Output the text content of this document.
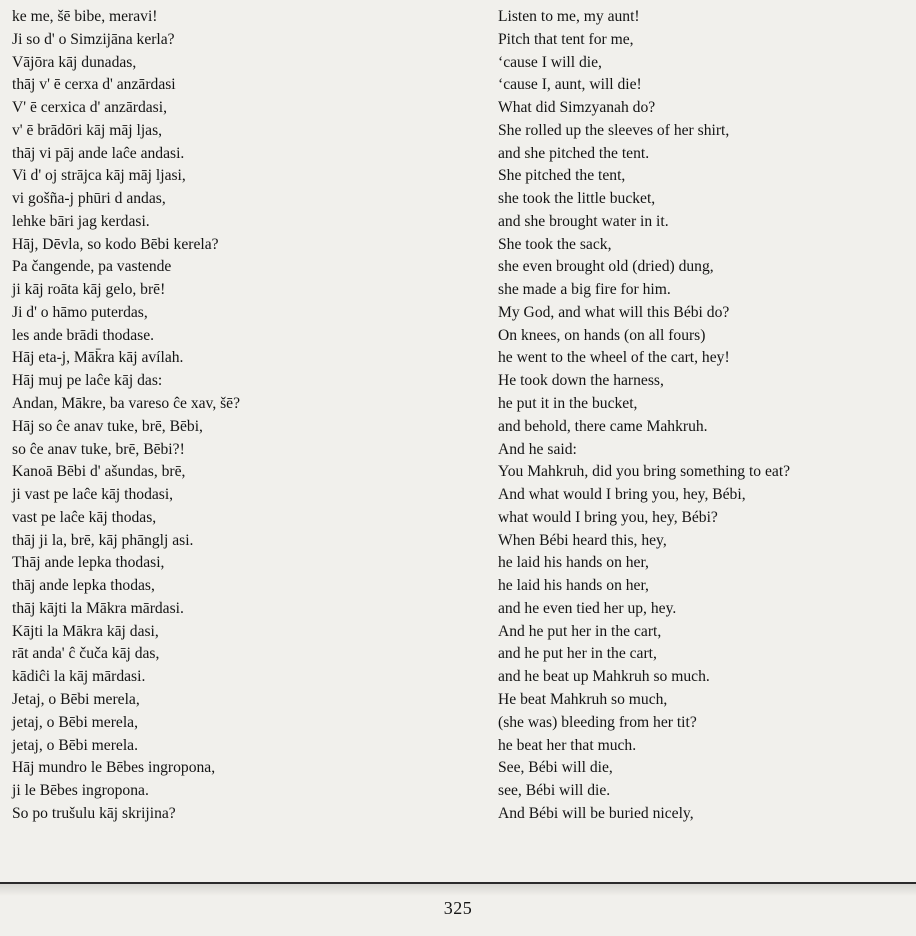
ke me, šē bibe, meravi!
Ji so d' o Simzijāna kerla?
Vājōra kāj dunadas,
thāj v' ē cerxa d' anzārdasi
V' ē cerxica d' anzārdasi,
v' ē brādōri kāj māj ljas,
thāj vi pāj ande laĉe andasi.
Vi d' oj strājca kāj māj ljasi,
vi gošña-j phūri d andas,
lehke bāri jag kerdasi.
Hāj, Dēvla, so kodo Bēbi kerela?
Pa čangende, pa vastende
ji kāj roāta kāj gelo, brē!
Ji d' o hāmo puterdas,
les ande brādi thodase.
Hāj eta-j, Māk̄ra kāj avílah.
Hāj muj pe laĉe kāj das:
Andan, Mākre, ba vareso ĉe xav, šē?
Hāj so ĉe anav tuke, brē, Bēbi,
so ĉe anav tuke, brē, Bēbi?!
Kanoā Bēbi d' ašundas, brē,
ji vast pe laĉe kāj thodasi,
vast pe laĉe kāj thodas,
thāj ji la, brē, kāj phānglj asi.
Thāj ande lepka thodasi,
thāj ande lepka thodas,
thāj kājti la Mākra mārdasi.
Kājti la Mākra kāj dasi,
rāt anda' ĉ čuča kāj das,
kādiĉi la kāj mārdasi.
Jetaj, o Bēbi merela,
jetaj, o Bēbi merela,
jetaj, o Bēbi merela.
Hāj mundro le Bēbes ingropona,
ji le Bēbes ingropona.
So po trušulu kāj skrijina?
Listen to me, my aunt!
Pitch that tent for me,
‘cause I will die,
‘cause I, aunt, will die!
What did Simzyanah do?
She rolled up the sleeves of her shirt,
and she pitched the tent.
She pitched the tent,
she took the little bucket,
and she brought water in it.
She took the sack,
she even brought old (dried) dung,
she made a big fire for him.
My God, and what will this Bébi do?
On knees, on hands (on all fours)
he went to the wheel of the cart, hey!
He took down the harness,
he put it in the bucket,
and behold, there came Mahkruh.
And he said:
You Mahkruh, did you bring something to eat?
And what would I bring you, hey, Bébi,
what would I bring you, hey, Bébi?
When Bébi heard this, hey,
he laid his hands on her,
he laid his hands on her,
and he even tied her up, hey.
And he put her in the cart,
and he put her in the cart,
and he beat up Mahkruh so much.
He beat Mahkruh so much,
(she was) bleeding from her tit?
he beat her that much.
See, Bébi will die,
see, Bébi will die.
And Bébi will be buried nicely,
325
